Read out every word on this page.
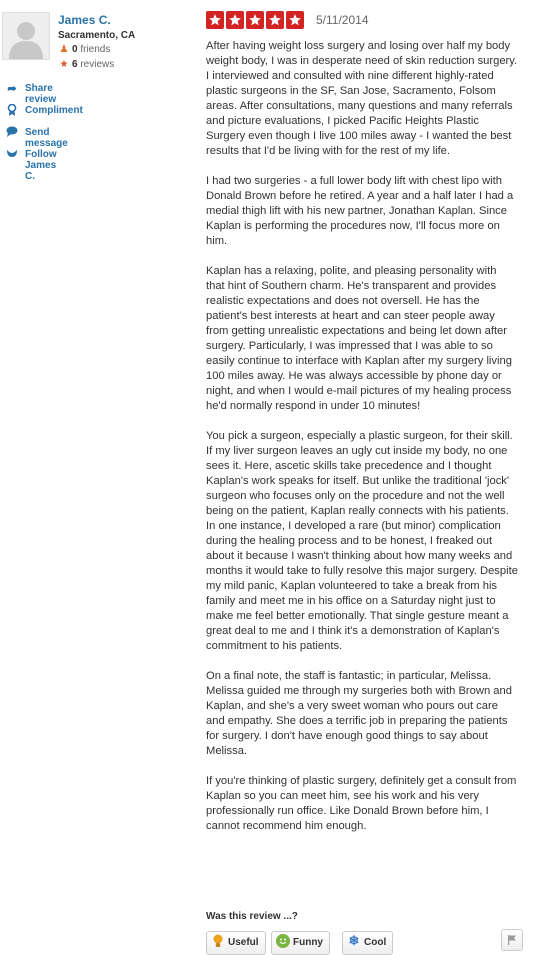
James C.
Sacramento, CA
♟ 0 friends
★ 6 reviews
➦ Share review
Compliment
Send message
Follow James C.
5/11/2014

After having weight loss surgery and losing over half my body weight body, I was in desperate need of skin reduction surgery. I interviewed and consulted with nine different highly-rated plastic surgeons in the SF, San Jose, Sacramento, Folsom areas. After consultations, many questions and many referrals and picture evaluations, I picked Pacific Heights Plastic Surgery even though I live 100 miles away - I wanted the best results that I'd be living with for the rest of my life.

I had two surgeries - a full lower body lift with chest lipo with Donald Brown before he retired. A year and a half later I had a medial thigh lift with his new partner, Jonathan Kaplan. Since Kaplan is performing the procedures now, I'll focus more on him.

Kaplan has a relaxing, polite, and pleasing personality with that hint of Southern charm. He's transparent and provides realistic expectations and does not oversell. He has the patient's best interests at heart and can steer people away from getting unrealistic expectations and being let down after surgery. Particularly, I was impressed that I was able to so easily continue to interface with Kaplan after my surgery living 100 miles away. He was always accessible by phone day or night, and when I would e-mail pictures of my healing process he'd normally respond in under 10 minutes!

You pick a surgeon, especially a plastic surgeon, for their skill. If my liver surgeon leaves an ugly cut inside my body, no one sees it. Here, ascetic skills take precedence and I thought Kaplan's work speaks for itself. But unlike the traditional 'jock' surgeon who focuses only on the procedure and not the well being on the patient, Kaplan really connects with his patients. In one instance, I developed a rare (but minor) complication during the healing process and to be honest, I freaked out about it because I wasn't thinking about how many weeks and months it would take to fully resolve this major surgery. Despite my mild panic, Kaplan volunteered to take a break from his family and meet me in his office on a Saturday night just to make me feel better emotionally. That single gesture meant a great deal to me and I think it's a demonstration of Kaplan's commitment to his patients.

On a final note, the staff is fantastic; in particular, Melissa. Melissa guided me through my surgeries both with Brown and Kaplan, and she's a very sweet woman who pours out care and empathy. She does a terrific job in preparing the patients for surgery. I don't have enough good things to say about Melissa.

If you're thinking of plastic surgery, definitely get a consult from Kaplan so you can meet him, see his work and his very professionally run office. Like Donald Brown before him, I cannot recommend him enough.

Was this review ...?
Useful	Funny	❄ Cool
